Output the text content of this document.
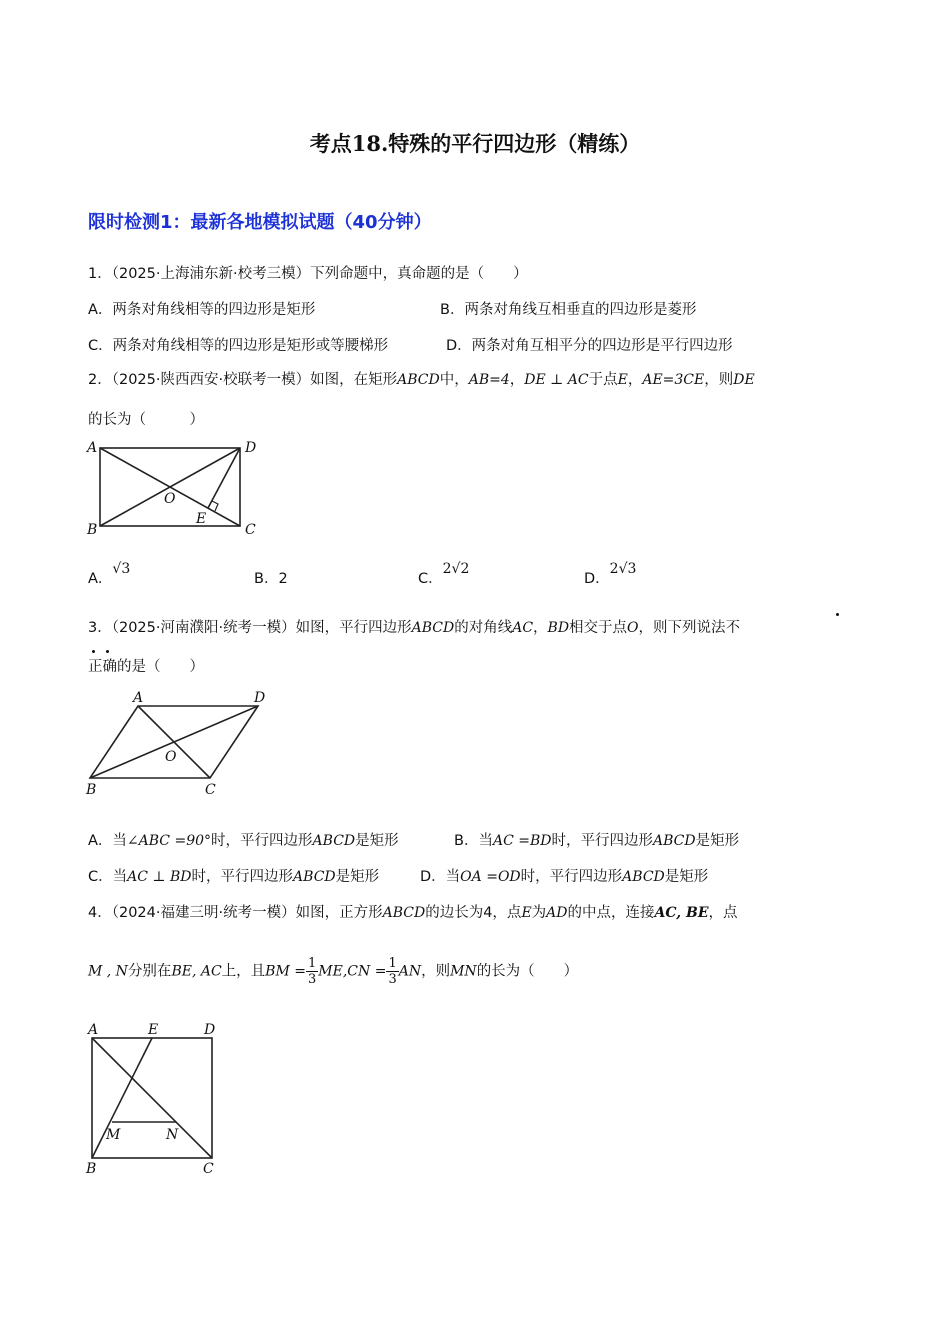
考点18.特殊的平行四边形（精练）
限时检测1：最新各地模拟试题（40分钟）
1．（2025·上海浦东新·校考三模）下列命题中，真命题的是（　　）
A．两条对角线相等的四边形是矩形	B．两条对角线互相垂直的四边形是菱形
C．两条对角线相等的四边形是矩形或等腰梯形	D．两条对角互相平分的四边形是平行四边形
2．（2025·陕西西安·校联考一模）如图，在矩形ABCD中，AB=4，DE ⊥ AC于点E，AE=3CE，则DE
的长为（　　　）
A	D
B	C
O
E
A．√3
B．2	C．2√2
D．2√3
3．（2025·河南濮阳·统考一模）如图，平行四边形ABCD的对角线AC，BD相交于点O，则下列说法不
正确的是（　　）
A	D
B	C
O
A．当∠ABC =90°时，平行四边形ABCD是矩形	B．当AC =BD时，平行四边形ABCD是矩形
C．当AC ⊥ BD时，平行四边形ABCD是矩形	D．当OA =OD时，平行四边形ABCD是矩形
4．（2024·福建三明·统考一模）如图，正方形ABCD的边长为4，点E为AD的中点，连接AC, BE，点
M , N分别在BE, AC上，且BM = $\frac{1}{3} ME,CN = \frac{1}{3}$ AN，则MN的长为（　　）
A	E	D
M	N
B	C
